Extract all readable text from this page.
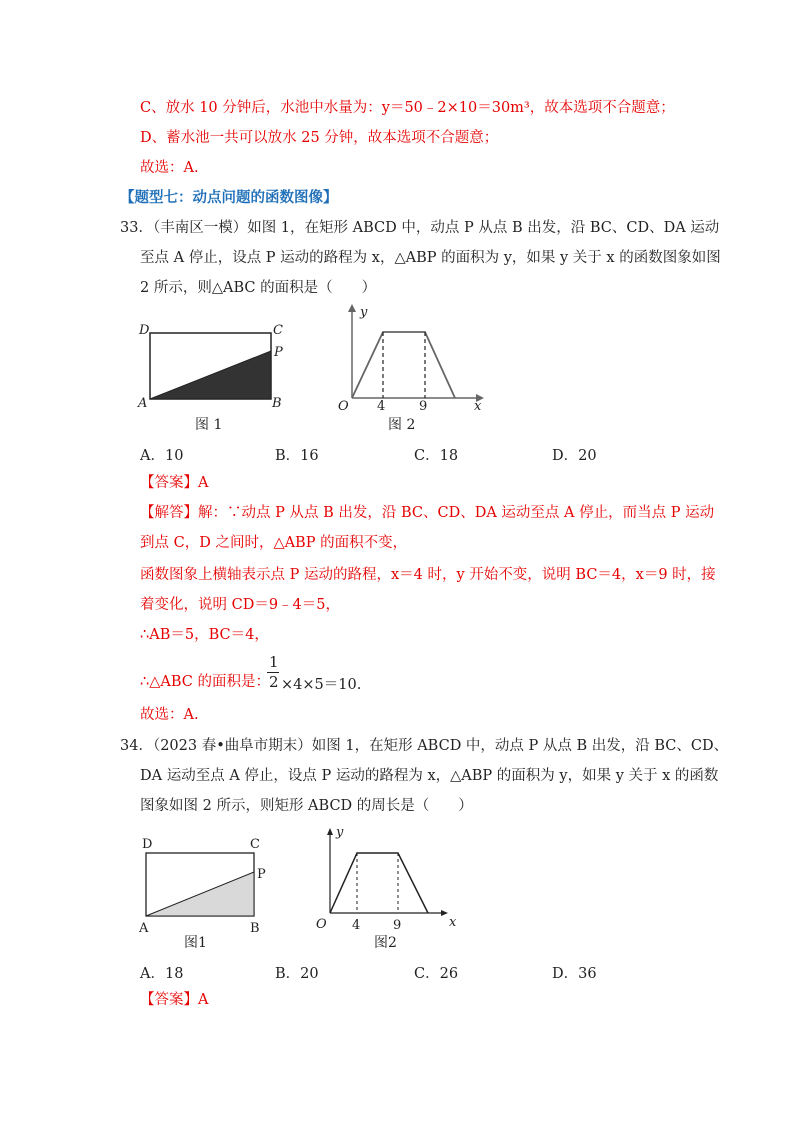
C、放水 10 分钟后，水池中水量为：y＝50﹣2×10＝30m³，故本选项不合题意；
D、蓄水池一共可以放水 25 分钟，故本选项不合题意；
故选：A.
【题型七：动点问题的函数图像】
33．（丰南区一模）如图 1，在矩形 ABCD 中，动点 P 从点 B 出发，沿 BC、CD、DA 运动
至点 A 停止，设点 P 运动的路程为 x，△ABP 的面积为 y，如果 y 关于 x 的函数图象如图
2 所示，则△ABC 的面积是（　　）
D	C
P
A	B
图 1
y
O 4	9	x
图 2
A．10	B．16	C．18	D．20
【答案】A
【解答】解：∵动点 P 从点 B 出发，沿 BC、CD、DA 运动至点 A 停止，而当点 P 运动
到点 C，D 之间时，△ABP 的面积不变，
函数图象上横轴表示点 P 运动的路程，x＝4 时，y 开始不变，说明 BC＝4，x＝9 时，接
着变化，说明 CD＝9﹣4＝5，
∴AB＝5，BC＝4，
∴△ABC 的面积是：
1
2 ×4×5＝10.
故选：A.
34．（2023 春•曲阜市期末）如图 1，在矩形 ABCD 中，动点 P 从点 B 出发，沿 BC、CD、
DA 运动至点 A 停止，设点 P 运动的路程为 x，△ABP 的面积为 y，如果 y 关于 x 的函数
图象如图 2 所示，则矩形 ABCD 的周长是（　　）
D	C
P
A	B
图1
y
O 4	9	x
图2
A．18	B．20	C．26	D．36
【答案】A
